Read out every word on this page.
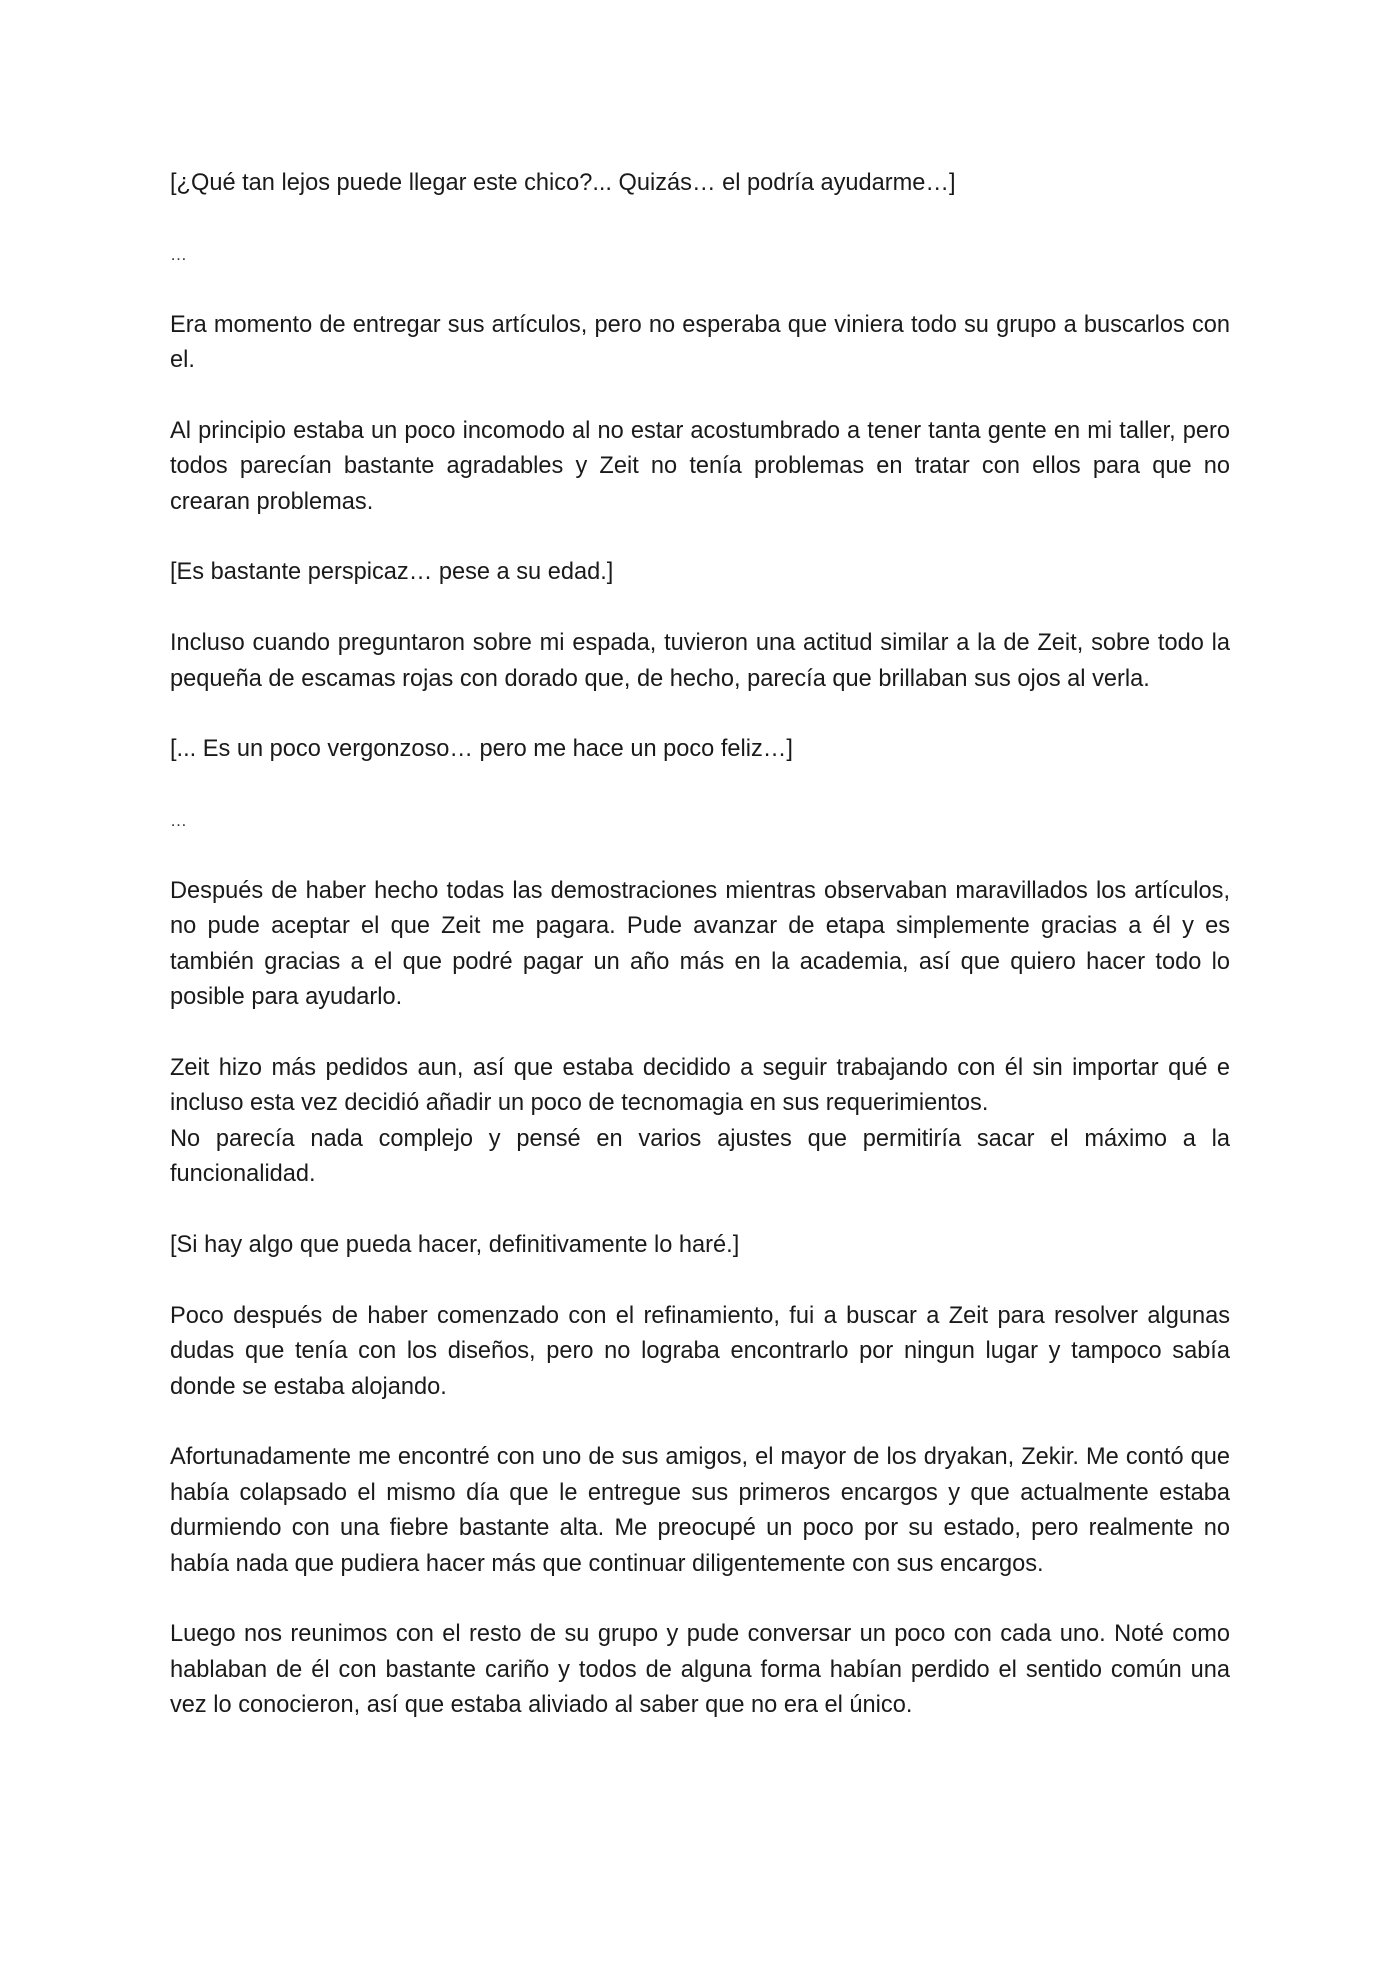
[¿Qué tan lejos puede llegar este chico?... Quizás… el podría ayudarme…]

…

Era momento de entregar sus artículos, pero no esperaba que viniera todo su grupo a buscarlos con el.

Al principio estaba un poco incomodo al no estar acostumbrado a tener tanta gente en mi taller, pero todos parecían bastante agradables y Zeit no tenía problemas en tratar con ellos para que no crearan problemas.

[Es bastante perspicaz… pese a su edad.]

Incluso cuando preguntaron sobre mi espada, tuvieron una actitud similar a la de Zeit, sobre todo la pequeña de escamas rojas con dorado que, de hecho, parecía que brillaban sus ojos al verla.

[... Es un poco vergonzoso… pero me hace un poco feliz…]

…

Después de haber hecho todas las demostraciones mientras observaban maravillados los artículos, no pude aceptar el que Zeit me pagara. Pude avanzar de etapa simplemente gracias a él y es también gracias a el que podré pagar un año más en la academia, así que quiero hacer todo lo posible para ayudarlo.

Zeit hizo más pedidos aun, así que estaba decidido a seguir trabajando con él sin importar qué e incluso esta vez decidió añadir un poco de tecnomagia en sus requerimientos.

No parecía nada complejo y pensé en varios ajustes que permitiría sacar el máximo a la funcionalidad.

[Si hay algo que pueda hacer, definitivamente lo haré.]

Poco después de haber comenzado con el refinamiento, fui a buscar a Zeit para resolver algunas dudas que tenía con los diseños, pero no lograba encontrarlo por ningun lugar y tampoco sabía donde se estaba alojando.

Afortunadamente me encontré con uno de sus amigos, el mayor de los dryakan, Zekir. Me contó que había colapsado el mismo día que le entregue sus primeros encargos y que actualmente estaba durmiendo con una fiebre bastante alta. Me preocupé un poco por su estado, pero realmente no había nada que pudiera hacer más que continuar diligentemente con sus encargos.

Luego nos reunimos con el resto de su grupo y pude conversar un poco con cada uno. Noté como hablaban de él con bastante cariño y todos de alguna forma habían perdido el sentido común una vez lo conocieron, así que estaba aliviado al saber que no era el único.
